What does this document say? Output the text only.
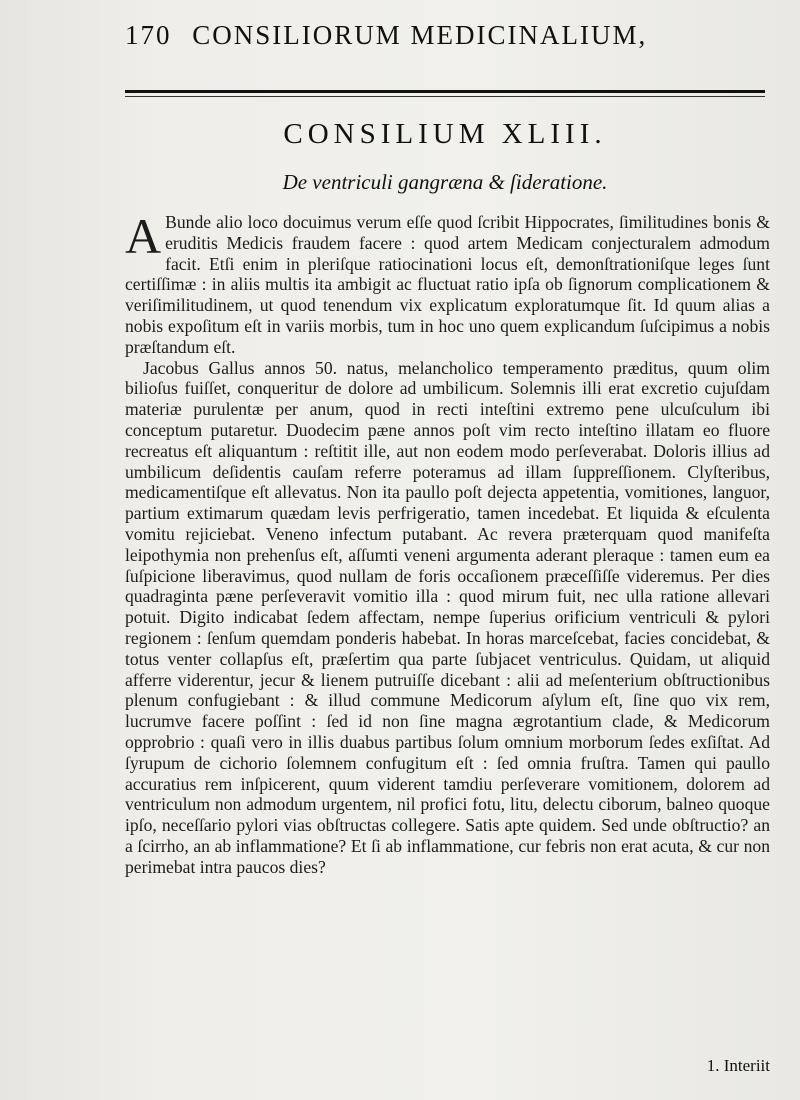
170 CONSILIORUM MEDICINALIUM,
CONSILIUM XLIII.
De ventriculi gangræna & ſideratione.

A Bunde alio loco docuimus verum eſſe quod ſcribit Hippocrates, ſimilitudines bonis & eruditis Medicis fraudem facere : quod artem Medicam conjecturalem admodum facit. Etſi enim in pleriſque ratiocinationi locus eſt, demonſtrationiſque leges ſunt certiſſimæ : in aliis multis ita ambigit ac fluctuat ratio ipſa ob ſignorum complicationem & veriſimilitudinem, ut quod tenendum vix explicatum exploratumque ſit. Id quum alias a nobis expoſitum eſt in variis morbis, tum in hoc uno quem explicandum ſuſcipimus a nobis præſtandum eſt.

Jacobus Gallus annos 50. natus, melancholico temperamento præditus, quum olim bilioſus fuiſſet, conqueritur de dolore ad umbilicum. Solemnis illi erat excretio cujuſdam materiæ purulentæ per anum, quod in recti inteſtini extremo pene ulcuſculum ibi conceptum putaretur. Duodecim pæne annos poſt vim recto inteſtino illatam eo fluore recreatus eſt aliquantum : reſtitit ille, aut non eodem modo perſeverabat. Doloris illius ad umbilicum deſidentis cauſam referre poteramus ad illam ſuppreſſionem. Clyſteribus, medicamentiſque eſt allevatus. Non ita paullo poſt dejecta appetentia, vomitiones, languor, partium extimarum quædam levis perfrigeratio, tamen incedebat. Et liquida & eſculenta vomitu rejiciebat. Veneno infectum putabant. Ac revera præterquam quod manifeſta leipothymia non prehenſus eſt, aſſumti veneni argumenta aderant pleraque : tamen eum ea ſuſpicione liberavimus, quod nullam de foris occaſionem præceſſiſſe videremus. Per dies quadraginta pæne perſeveravit vomitio illa : quod mirum fuit, nec ulla ratione allevari potuit. Digito indicabat ſedem affectam, nempe ſuperius orificium ventriculi & pylori regionem : ſenſum quemdam ponderis habebat. In horas marceſcebat, facies concidebat, & totus venter collapſus eſt, præſertim qua parte ſubjacet ventriculus. Quidam, ut aliquid afferre viderentur, jecur & lienem putruiſſe dicebant : alii ad meſenterium obſtructionibus plenum confugiebant : & illud commune Medicorum aſylum eſt, ſine quo vix rem, lucrumve facere poſſint : ſed id non ſine magna ægrotantium clade, & Medicorum opprobrio : quaſi vero in illis duabus partibus ſolum omnium morborum ſedes exſiſtat. Ad ſyrupum de cichorio ſolemnem confugitum eſt : ſed omnia fruſtra. Tamen qui paullo accuratius rem inſpicerent, quum viderent tamdiu perſeverare vomitionem, dolorem ad ventriculum non admodum urgentem, nil profici fotu, litu, delectu ciborum, balneo quoque ipſo, neceſſario pylori vias obſtructas collegere. Satis apte quidem. Sed unde obſtructio? an a ſcirrho, an ab inflammatione? Et ſi ab inflammatione, cur febris non erat acuta, & cur non perimebat intra paucos dies?

1. Interiit
